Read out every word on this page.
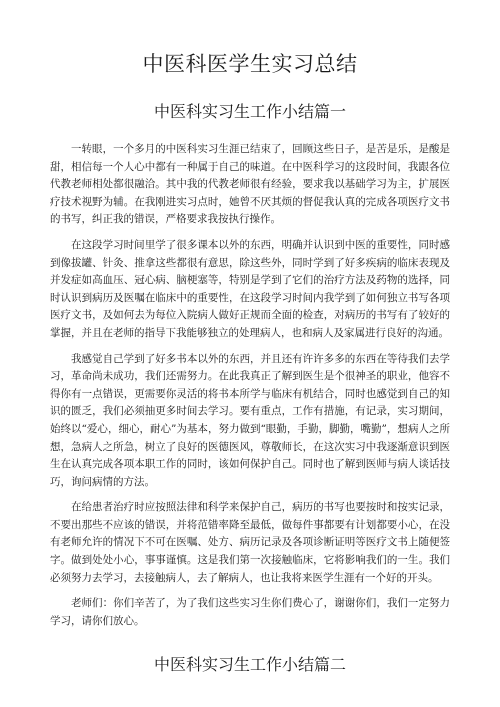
中医科医学生实习总结
中医科实习生工作小结篇一

一转眼，一个多月的中医科实习生涯已结束了，回顾这些日子，是苦是乐，是酸是甜，相信每一个人心中都有一种属于自己的味道。在中医科学习的这段时间，我跟各位代教老师相处都很融洽。其中我的代教老师很有经验，要求我以基础学习为主，扩展医疗技术视野为辅。在我刚进实习点时，她曾不厌其烦的督促我认真的完成各项医疗文书的书写，纠正我的错误，严格要求我按执行操作。

在这段学习时间里学了很多课本以外的东西，明确并认识到中医的重要性，同时感到像拔罐、针灸、推拿这些都很有意思，除这些外，同时学到了好多疾病的临床表现及并发症如高血压、冠心病、脑梗塞等，特别是学到了它们的治疗方法及药物的选择，同时认识到病历及医嘱在临床中的重要性，在这段学习时间内我学到了如何独立书写各项医疗文书，及如何去为每位入院病人做好正规而全面的检查，对病历的书写有了较好的掌握，并且在老师的指导下我能够独立的处理病人，也和病人及家属进行良好的沟通。

我感觉自己学到了好多书本以外的东西，并且还有许许多多的东西在等待我们去学习，革命尚未成功，我们还需努力。在此我真正了解到医生是个很神圣的职业，他容不得你有一点错误，更需要你灵活的将书本所学与临床有机结合，同时也感觉到自己的知识的匮乏，我们必须抽更多时间去学习。要有重点，工作有措施，有记录，实习期间，始终以“爱心，细心，耐心”为基本，努力做到“眼勤，手勤，脚勤，嘴勤”，想病人之所想，急病人之所急，树立了良好的医德医风，尊敬师长，在这次实习中我逐渐意识到医生在认真完成各项本职工作的同时，该如何保护自己。同时也了解到医师与病人谈话技巧，询问病情的方法。

在给患者治疗时应按照法律和科学来保护自己，病历的书写也要按时和按实记录，不要出那些不应该的错误，并将范错率降至最低，做每件事都要有计划都要小心，在没有老师允许的情况下不可在医嘱、处方、病历记录及各项诊断证明等医疗文书上随便签字。做到处处小心，事事谨慎。这是我们第一次接触临床，它将影响我们的一生。我们必须努力去学习，去接触病人，去了解病人，也让我将来医学生涯有一个好的开头。

老师们：你们辛苦了，为了我们这些实习生你们费心了，谢谢你们，我们一定努力学习，请你们放心。

中医科实习生工作小结篇二
